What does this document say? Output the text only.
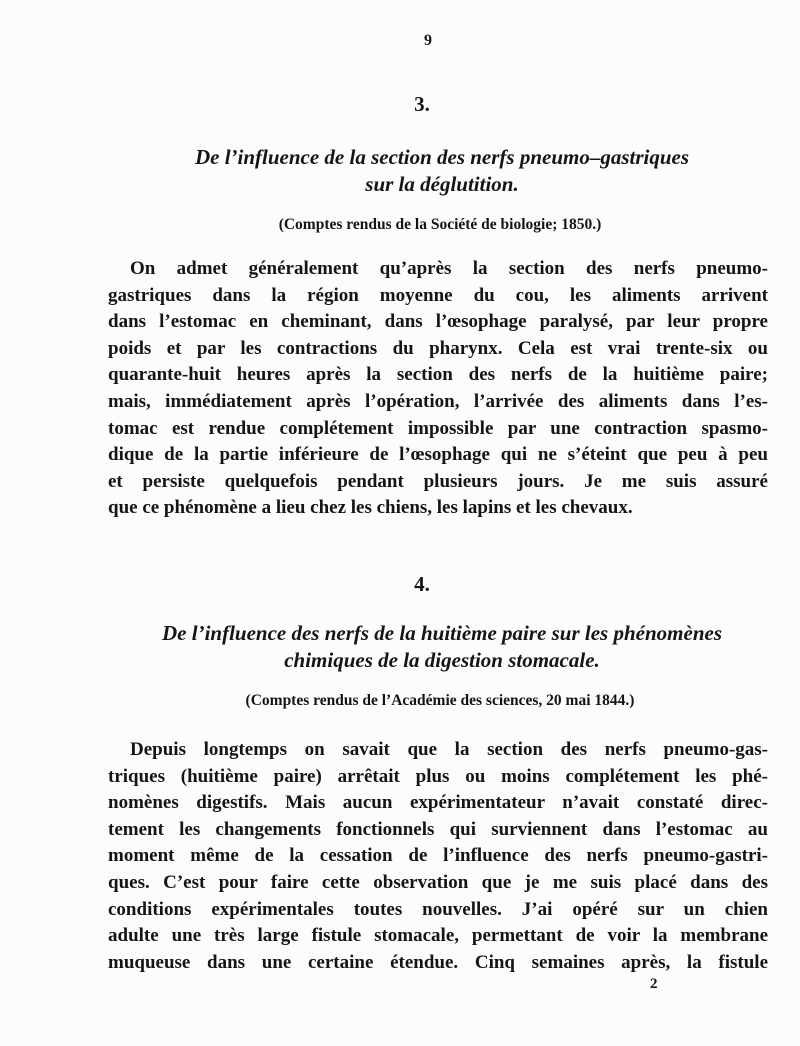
9
3.
De l’influence de la section des nerfs pneumo–gastriques
sur la déglutition.
(Comptes rendus de la Société de biologie; 1850.)
On admet généralement qu’après la section des nerfs pneumo-
gastriques dans la région moyenne du cou, les aliments arrivent
dans l’estomac en cheminant, dans l’œsophage paralysé, par leur propre
poids et par les contractions du pharynx. Cela est vrai trente-six ou
quarante-huit heures après la section des nerfs de la huitième paire;
mais, immédiatement après l’opération, l’arrivée des aliments dans l’es-
tomac est rendue complétement impossible par une contraction spasmo-
dique de la partie inférieure de l’œsophage qui ne s’éteint que peu à peu
et persiste quelquefois pendant plusieurs jours. Je me suis assuré
que ce phénomène a lieu chez les chiens, les lapins et les chevaux.
4.
De l’influence des nerfs de la huitième paire sur les phénomènes
chimiques de la digestion stomacale.
(Comptes rendus de l’Académie des sciences, 20 mai 1844.)
Depuis longtemps on savait que la section des nerfs pneumo-gas-
triques (huitième paire) arrêtait plus ou moins complétement les phé-
nomènes digestifs. Mais aucun expérimentateur n’avait constaté direc-
tement les changements fonctionnels qui surviennent dans l’estomac au
moment même de la cessation de l’influence des nerfs pneumo-gastri-
ques. C’est pour faire cette observation que je me suis placé dans des
conditions expérimentales toutes nouvelles. J’ai opéré sur un chien
adulte une très large fistule stomacale, permettant de voir la membrane
muqueuse dans une certaine étendue. Cinq semaines après, la fistule
2
